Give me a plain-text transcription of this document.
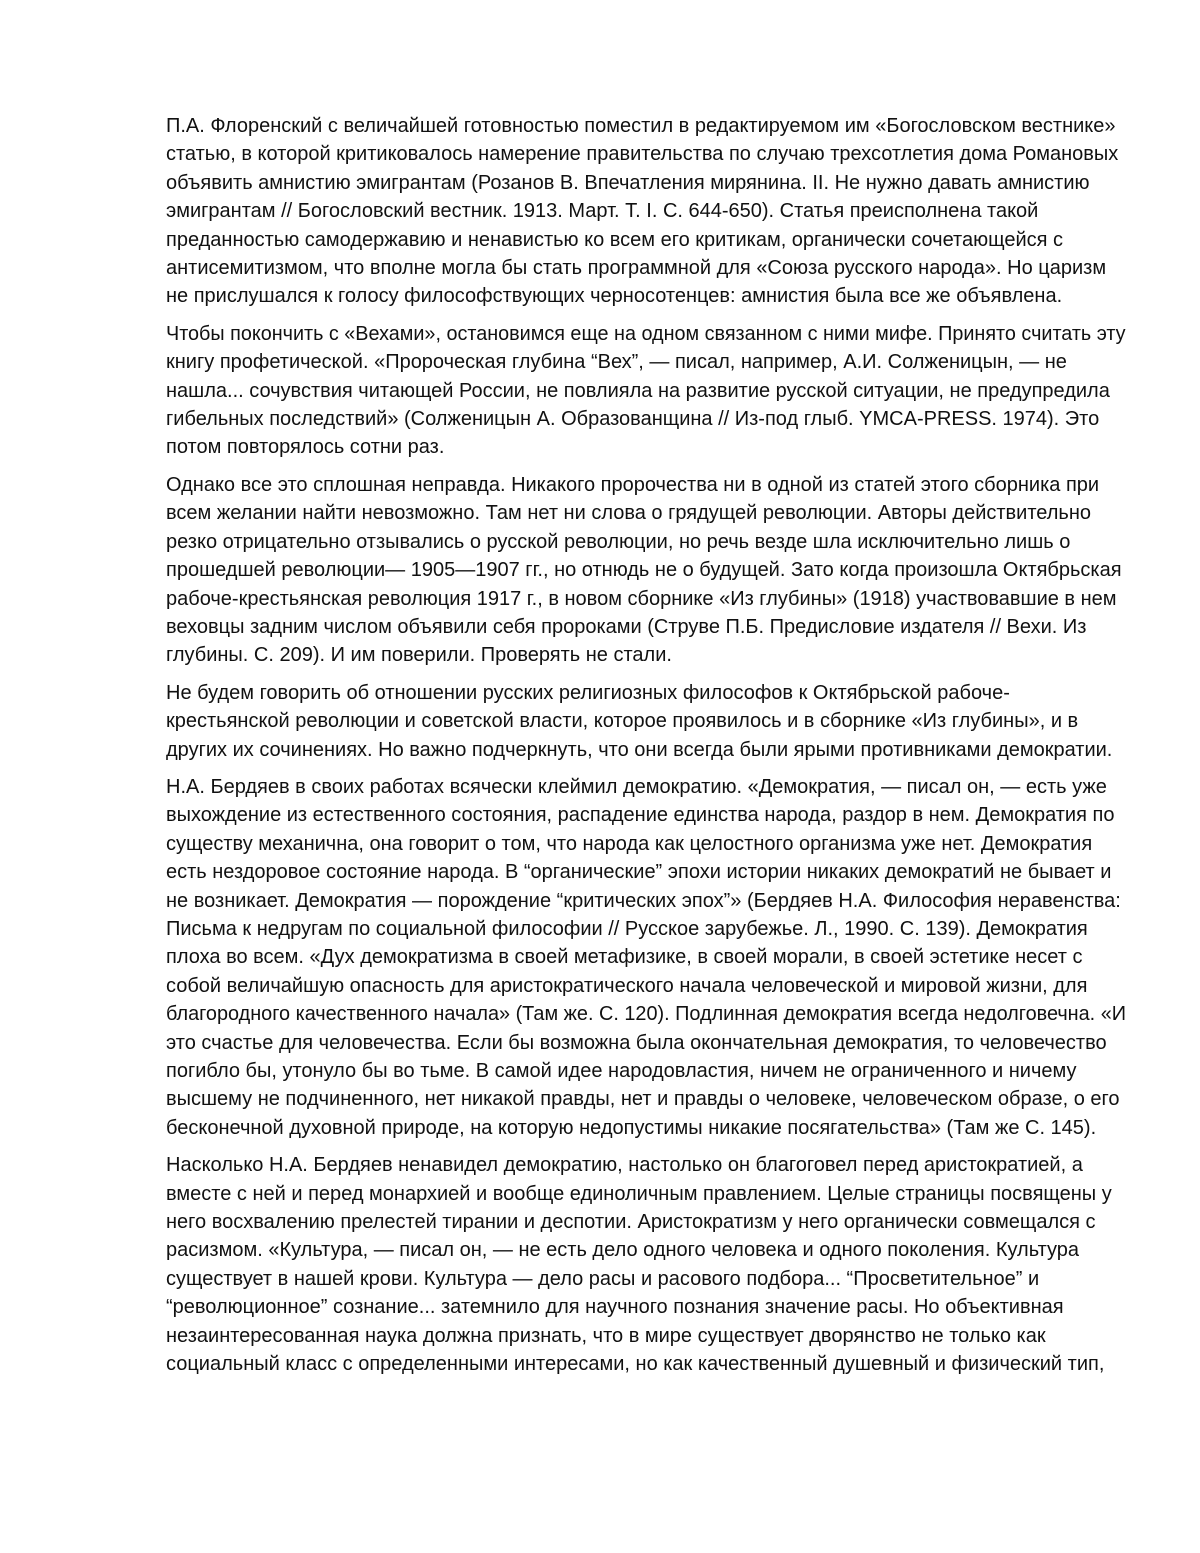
П.А. Флоренский с величайшей готовностью поместил в редактируемом им «Богословском вестнике»
статью, в которой критиковалось намерение правительства по случаю трехсотлетия дома Романовых
объявить амнистию эмигрантам (Розанов В. Впечатления мирянина. II. Не нужно давать амнистию
эмигрантам // Богословский вестник. 1913. Март. Т. I. С. 644-650). Статья преисполнена такой
преданностью самодержавию и ненавистью ко всем его критикам, органически сочетающейся с
антисемитизмом, что вполне могла бы стать программной для «Союза русского народа». Но царизм
не прислушался к голосу философствующих черносотенцев: амнистия была все же объявлена.
Чтобы покончить с «Вехами», остановимся еще на одном связанном с ними мифе. Принято считать эту
книгу профетической. «Пророческая глубина “Вех”, — писал, например, А.И. Солженицын, — не
нашла... сочувствия читающей России, не повлияла на развитие русской ситуации, не предупредила
гибельных последствий» (Солженицын А. Образованщина // Из-под глыб. YMCA-PRESS. 1974). Это
потом повторялось сотни раз.
Однако все это сплошная неправда. Никакого пророчества ни в одной из статей этого сборника при
всем желании найти невозможно. Там нет ни слова о грядущей революции. Авторы действительно
резко отрицательно отзывались о русской революции, но речь везде шла исключительно лишь о
прошедшей революции— 1905—1907 гг., но отнюдь не о будущей. Зато когда произошла Октябрьская
рабоче-крестьянская революция 1917 г., в новом сборнике «Из глубины» (1918) участвовавшие в нем
веховцы задним числом объявили себя пророками (Струве П.Б. Предисловие издателя // Вехи. Из
глубины. С. 209). И им поверили. Проверять не стали.
Не будем говорить об отношении русских религиозных философов к Октябрьской рабоче-
крестьянской революции и советской власти, которое проявилось и в сборнике «Из глубины», и в
других их сочинениях. Но важно подчеркнуть, что они всегда были ярыми противниками демократии.
Н.А. Бердяев в своих работах всячески клеймил демократию. «Демократия, — писал он, — есть уже
выхождение из естественного состояния, распадение единства народа, раздор в нем. Демократия по
существу механична, она говорит о том, что народа как целостного организма уже нет. Демократия
есть нездоровое состояние народа. В “органические” эпохи истории никаких демократий не бывает и
не возникает. Демократия — порождение “критических эпох”» (Бердяев Н.А. Философия неравенства:
Письма к недругам по социальной философии // Русское зарубежье. Л., 1990. С. 139). Демократия
плоха во всем. «Дух демократизма в своей метафизике, в своей морали, в своей эстетике несет с
собой величайшую опасность для аристократического начала человеческой и мировой жизни, для
благородного качественного начала» (Там же. С. 120). Подлинная демократия всегда недолговечна. «И
это счастье для человечества. Если бы возможна была окончательная демократия, то человечество
погибло бы, утонуло бы во тьме. В самой идее народовластия, ничем не ограниченного и ничему
высшему не подчиненного, нет никакой правды, нет и правды о человеке, человеческом образе, о его
бесконечной духовной природе, на которую недопустимы никакие посягательства» (Там же С. 145).
Насколько Н.А. Бердяев ненавидел демократию, настолько он благоговел перед аристократией, а
вместе с ней и перед монархией и вообще единоличным правлением. Целые страницы посвящены у
него восхвалению прелестей тирании и деспотии. Аристократизм у него органически совмещался с
расизмом. «Культура, — писал он, — не есть дело одного человека и одного поколения. Культура
существует в нашей крови. Культура — дело расы и расового подбора... “Просветительное” и
“революционное” сознание... затемнило для научного познания значение расы. Но объективная
незаинтересованная наука должна признать, что в мире существует дворянство не только как
социальный класс с определенными интересами, но как качественный душевный и физический тип,
